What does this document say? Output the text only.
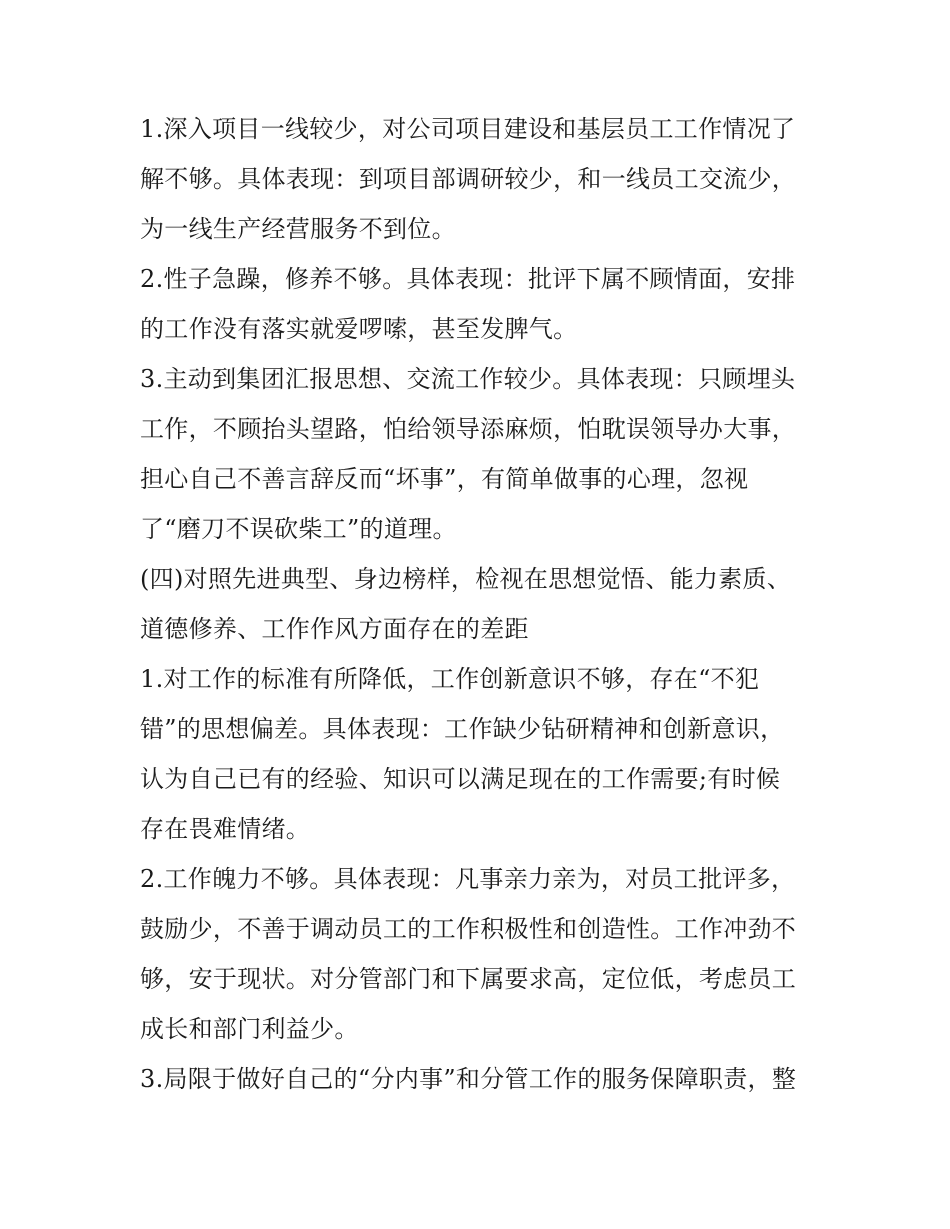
1.深入项目一线较少，对公司项目建设和基层员工工作情况了

解不够。具体表现：到项目部调研较少，和一线员工交流少，

为一线生产经营服务不到位。

2.性子急躁，修养不够。具体表现：批评下属不顾情面，安排

的工作没有落实就爱啰嗦，甚至发脾气。

3.主动到集团汇报思想、交流工作较少。具体表现：只顾埋头

工作，不顾抬头望路，怕给领导添麻烦，怕耽误领导办大事，

担心自己不善言辞反而“坏事”，有简单做事的心理，忽视

了“磨刀不误砍柴工”的道理。

(四)对照先进典型、身边榜样，检视在思想觉悟、能力素质、

道德修养、工作作风方面存在的差距

1.对工作的标准有所降低，工作创新意识不够，存在“不犯

错”的思想偏差。具体表现：工作缺少钻研精神和创新意识，

认为自己已有的经验、知识可以满足现在的工作需要;有时候

存在畏难情绪。

2.工作魄力不够。具体表现：凡事亲力亲为，对员工批评多，

鼓励少，不善于调动员工的工作积极性和创造性。工作冲劲不

够，安于现状。对分管部门和下属要求高，定位低，考虑员工

成长和部门利益少。

3.局限于做好自己的“分内事”和分管工作的服务保障职责，整
